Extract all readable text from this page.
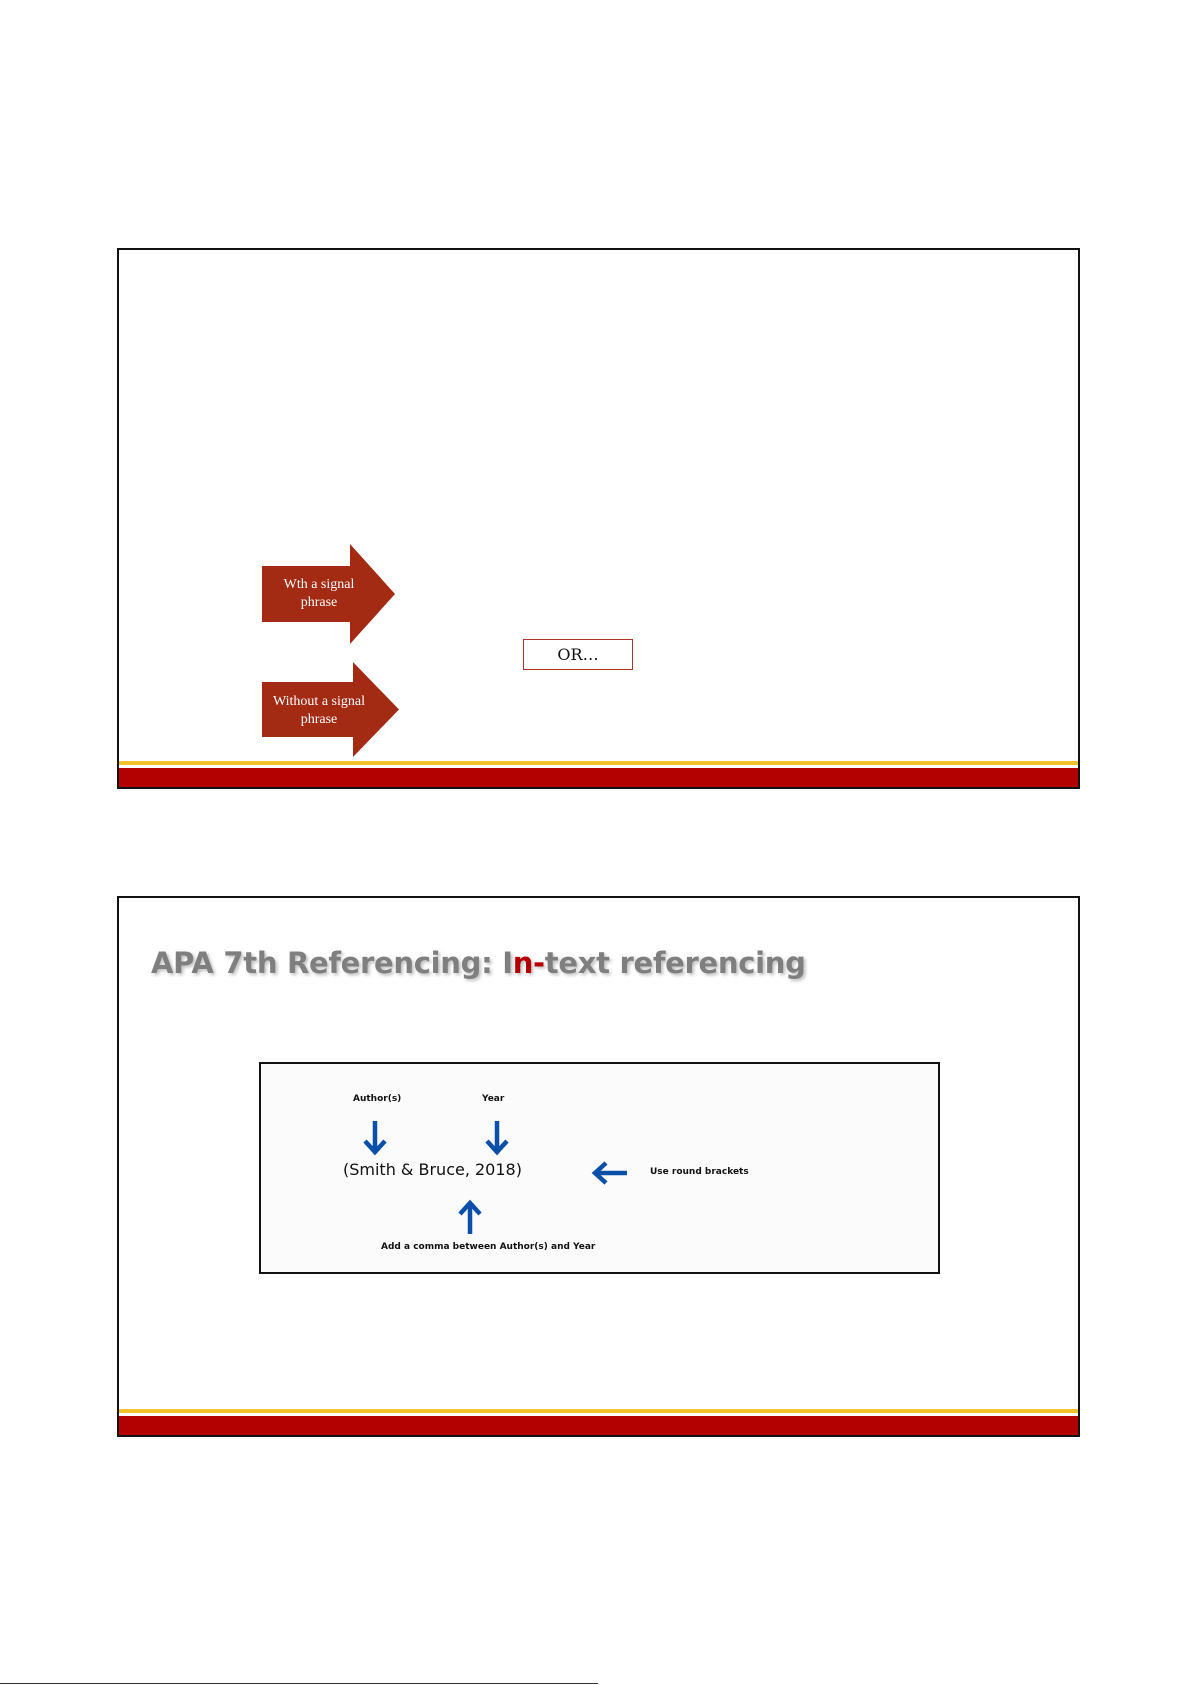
Wth a signal phrase
Without a signal phrase
OR…
APA 7th Referencing: In-text referencing
Author(s)	Year
(Smith & Bruce, 2018)	Use round brackets
Add a comma between Author(s) and Year
